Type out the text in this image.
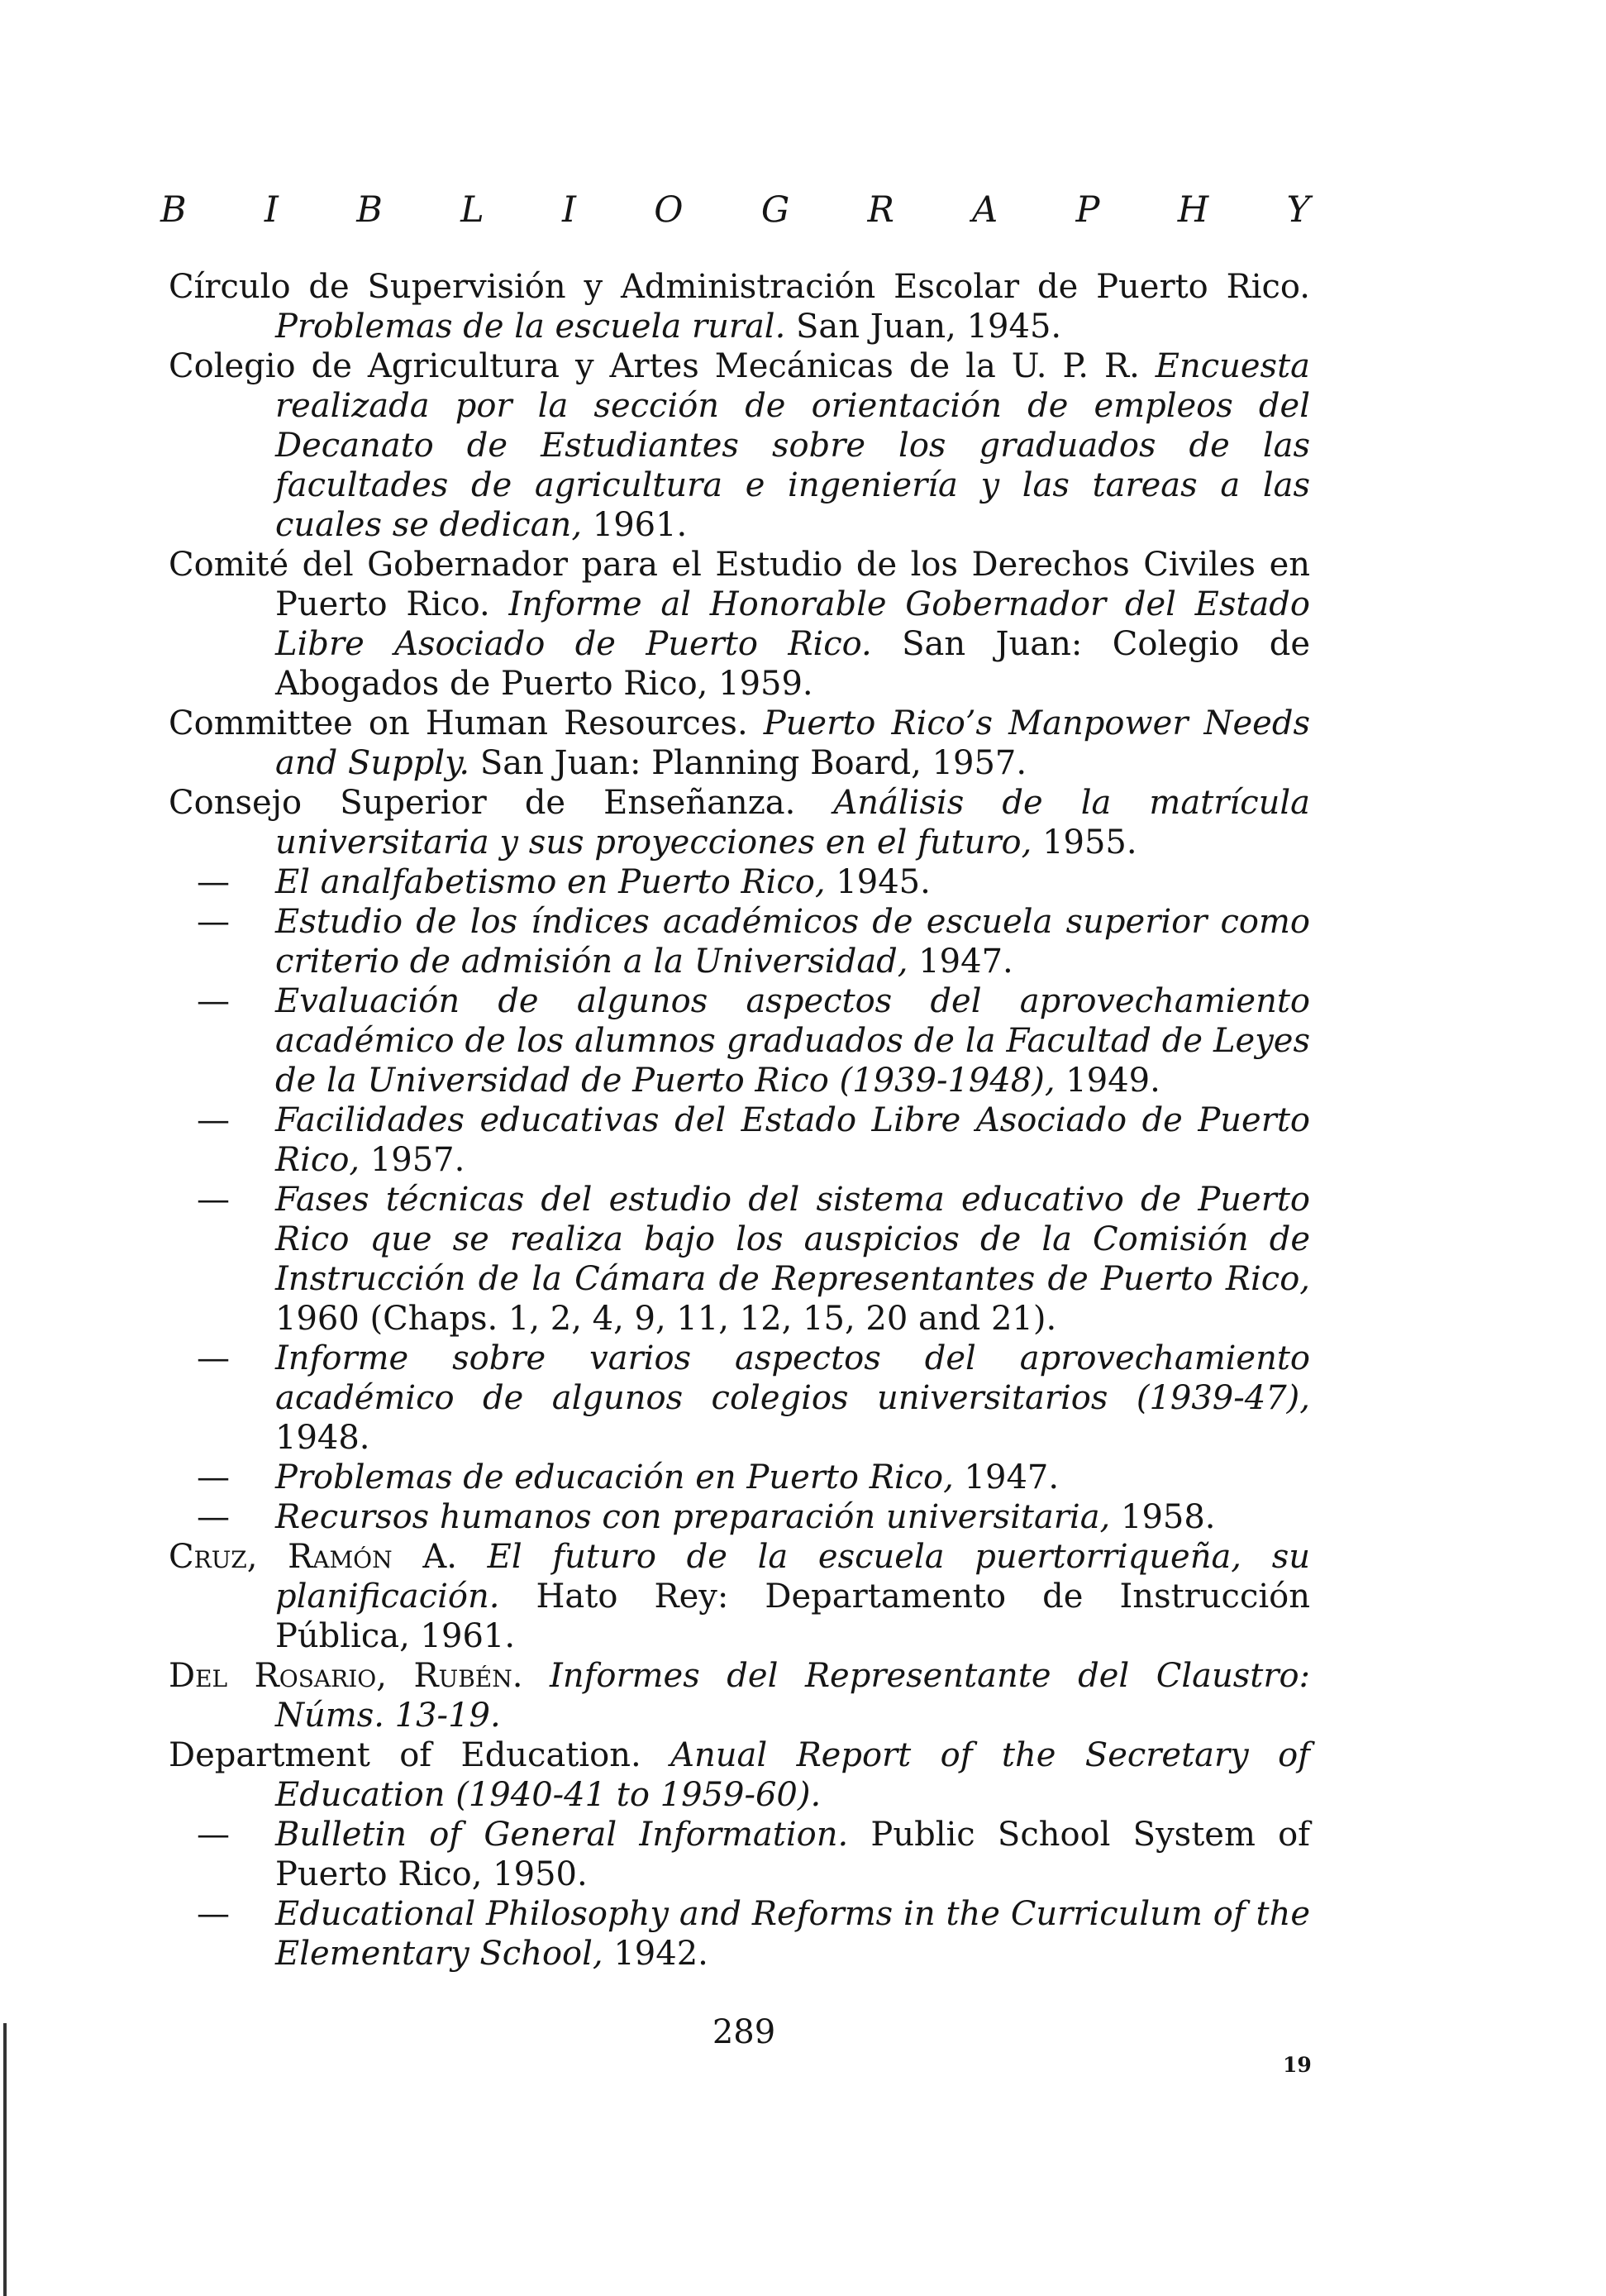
B I B L I O G R A P H Y

Círculo de Supervisión y Administración Escolar de Puerto Rico. Problemas de la escuela rural. San Juan, 1945.

Colegio de Agricultura y Artes Mecánicas de la U. P. R. Encuesta realizada por la sección de orientación de empleos del Decanato de Estudiantes sobre los graduados de las facultades de agricultura e ingeniería y las tareas a las cuales se dedican, 1961.

Comité del Gobernador para el Estudio de los Derechos Civiles en Puerto Rico. Informe al Honorable Gobernador del Estado Libre Asociado de Puerto Rico. San Juan: Colegio de Abogados de Puerto Rico, 1959.

Committee on Human Resources. Puerto Rico’s Manpower Needs and Supply. San Juan: Planning Board, 1957.

Consejo Superior de Enseñanza. Análisis de la matrícula universitaria y sus proyecciones en el futuro, 1955.

—	El analfabetismo en Puerto Rico, 1945.

—	Estudio de los índices académicos de escuela superior como criterio de admisión a la Universidad, 1947.

—	Evaluación de algunos aspectos del aprovechamiento académico de los alumnos graduados de la Facultad de Leyes de la Universidad de Puerto Rico (1939-1948), 1949.

—	Facilidades educativas del Estado Libre Asociado de Puerto Rico, 1957.

—	Fases técnicas del estudio del sistema educativo de Puerto Rico que se realiza bajo los auspicios de la Comisión de Instrucción de la Cámara de Representantes de Puerto Rico, 1960 (Chaps. 1, 2, 4, 9, 11, 12, 15, 20 and 21).

—	Informe sobre varios aspectos del aprovechamiento académico de algunos colegios universitarios (1939-47), 1948.

—	Problemas de educación en Puerto Rico, 1947.

—	Recursos humanos con preparación universitaria, 1958.

Cruz, Ramón A. El futuro de la escuela puertorriqueña, su planificación. Hato Rey: Departamento de Instrucción Pública, 1961.

Del Rosario, Rubén. Informes del Representante del Claustro: Núms. 13-19.

Department of Education. Anual Report of the Secretary of Education (1940-41 to 1959-60).

—	Bulletin of General Information. Public School System of Puerto Rico, 1950.

—	Educational Philosophy and Reforms in the Curriculum of the Elementary School, 1942.

289
19
